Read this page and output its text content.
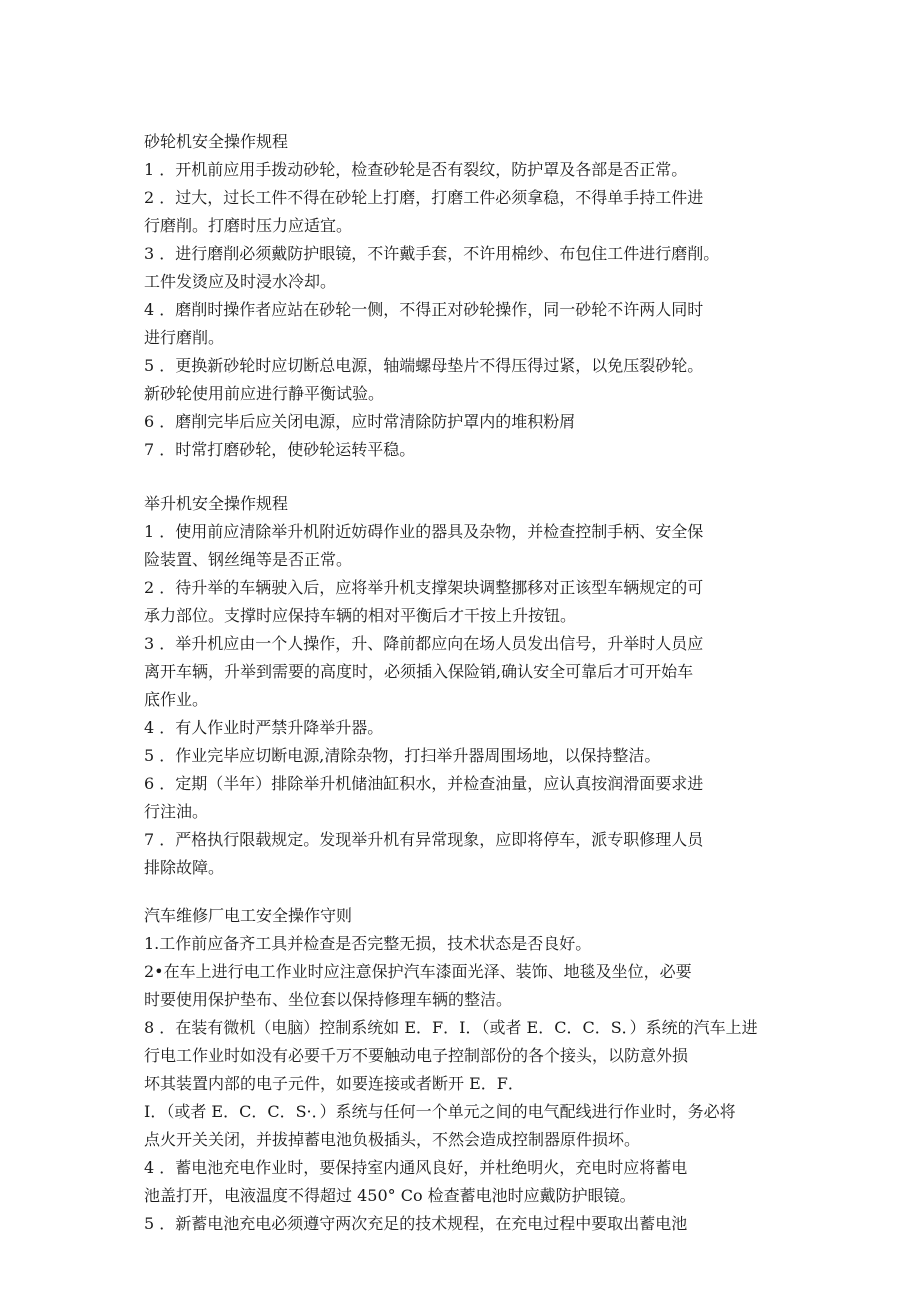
砂轮机安全操作规程

1 ．开机前应用手拨动砂轮，检查砂轮是否有裂纹，防护罩及各部是否正常。

2 ．过大，过长工件不得在砂轮上打磨，打磨工件必须拿稳，不得单手持工件进

行磨削。打磨时压力应适宜。

3 ．进行磨削必须戴防护眼镜，不许戴手套，不许用棉纱、布包住工件进行磨削。

工件发烫应及时浸水冷却。

4 ．磨削时操作者应站在砂轮一侧，不得正对砂轮操作，同一砂轮不许两人同时

进行磨削。

5 ．更换新砂轮时应切断总电源，轴端螺母垫片不得压得过紧，以免压裂砂轮。

新砂轮使用前应进行静平衡试验。

6 ．磨削完毕后应关闭电源，应时常清除防护罩内的堆积粉屑

7 ．时常打磨砂轮，使砂轮运转平稳。

举升机安全操作规程

1 ．使用前应清除举升机附近妨碍作业的器具及杂物，并检查控制手柄、安全保

险装置、钢丝绳等是否正常。

2 ．待升举的车辆驶入后，应将举升机支撑架块调整挪移对正该型车辆规定的可

承力部位。支撑时应保持车辆的相对平衡后才干按上升按钮。

3 ．举升机应由一个人操作，升、降前都应向在场人员发出信号，升举时人员应

离开车辆，升举到需要的高度时，必须插入保险销,确认安全可靠后才可开始车

底作业。

4 ．有人作业时严禁升降举升器。

5 ．作业完毕应切断电源,清除杂物，打扫举升器周围场地，以保持整洁。

6 ．定期（半年）排除举升机储油缸积水，并检查油量，应认真按润滑面要求进

行注油。

7 ．严格执行限载规定。发现举升机有异常现象，应即将停车，派专职修理人员

排除故障。

汽车维修厂电工安全操作守则

1.工作前应备齐工具并检查是否完整无损，技术状态是否良好。

2•在车上进行电工作业时应注意保护汽车漆面光泽、装饰、地毯及坐位，必要

时要使用保护垫布、坐位套以保持修理车辆的整洁。

8 ．在装有微机（电脑）控制系统如 E．F．I．（或者 E．C．C．S．）系统的汽车上进

行电工作业时如没有必要千万不要触动电子控制部份的各个接头，以防意外损

坏其装置内部的电子元件，如要连接或者断开 E．F．

I．（或者 E．C．C．S·．）系统与任何一个单元之间的电气配线进行作业时，务必将

点火开关关闭，并拔掉蓄电池负极插头，不然会造成控制器原件损坏。

4 ．蓄电池充电作业时，要保持室内通风良好，并杜绝明火，充电时应将蓄电

池盖打开，电液温度不得超过 450° Co 检查蓄电池时应戴防护眼镜。

5 ．新蓄电池充电必须遵守两次充足的技术规程，在充电过程中要取出蓄电池
